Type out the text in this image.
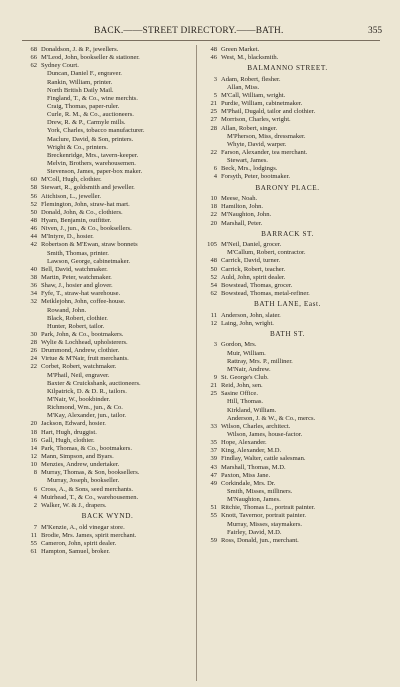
BACK.——STREET DIRECTORY.——BATH.	355
68 Donaldson, J. & P., jewellers.
66 M'Leod, John, bookseller & stationer.
62 Sydney Court.
Duncan, Daniel F., engraver.
Rankin, William, printer.
North British Daily Mail.
Fingland, T., & Co., wine merchts.
Craig, Thomas, paper-ruler.
Curle, R. M., & Co., auctioneers.
Drew, R. & P., Carmyle mills.
York, Charles, tobacco manufacturer.
Maclure, David, & Son, printers.
Wright & Co., printers.
Breckenridge, Mrs., tavern-keeper.
Melvin, Brothers, warehousemen.
Stevenson, James, paper-box maker.
60 M'Coll, Hugh, clothier.
58 Stewart, R., goldsmith and jeweller.
56 Aitchison, L., jeweller.
52 Flemington, John, straw-hat mart.
50 Donald, John, & Co., clothiers.
48 Hyam, Benjamin, outfitter.
46 Niven, J., jun., & Co., booksellers.
44 M'Intyre, D., hosier.
42 Robertson & M'Ewan, straw bonnets
Smith, Thomas, printer.
Lawson, George, cabinetmaker.
40 Bell, David, watchmaker.
38 Martin, Peter, watchmaker.
36 Shaw, J., hosier and glover.
34 Fyfe, T., straw-hat warehouse.
32 Meiklejohn, John, coffee-house.
Rowand, John.
Black, Robert, clothier.
Hunter, Robert, tailor.
30 Park, John, & Co., bootmakers.
28 Wylie & Lochhead, upholsterers.
26 Drummond, Andrew, clothier.
24 Virtue & M'Nair, fruit merchants.
22 Corbet, Robert, watchmaker.
M'Phail, Neil, engraver.
Baxter & Cruickshank, auctioneers.
Kilpatrick, D. & D. R., tailors.
M'Nair, W., bookbinder.
Richmond, Wm., jun., & Co.
M'Kay, Alexander, jun., tailor.
20 Jackson, Edward, hosier.
18 Hart, Hugh, druggist.
16 Gall, Hugh, clothier.
14 Park, Thomas, & Co., bootmakers.
12 Mann, Simpson, and Byars.
10 Menzies, Andrew, undertaker.
8 Murray, Thomas, & Son, booksellers.
Murray, Joseph, bookseller.
6 Cross, A., & Sons, seed merchants.
4 Muirhead, T., & Co., warehousemen.
2 Walker, W. & J., drapers.
BACK WYND.
7 M'Kenzie, A., old vinegar store.
11 Brodie, Mrs. James, spirit merchant.
55 Cameron, John, spirit dealer.
61 Hampton, Samuel, broker.
48 Green Market.
46 West, M., blacksmith.
BALMANNO STREET.
3 Adam, Robert, flesher.
Allan, Miss.
5 M'Call, William, wright.
21 Purdie, William, cabinetmaker.
25 M'Phail, Dugald, tailor and clothier.
27 Morrison, Charles, wright.
28 Allan, Robert, singer.
M'Pherson, Miss, dressmaker.
Whyte, David, warper.
22 Farson, Alexander, tea merchant.
Stewart, James.
6 Beck, Mrs., lodgings.
4 Forsyth, Peter, bootmaker.
BARONY PLACE.
10 Meese, Noah.
18 Hamilton, John.
22 M'Naughton, John.
20 Marshall, Peter.
BARRACK ST.
105 M'Neil, Daniel, grocer.
M'Callum, Robert, contractor.
48 Carrick, David, turner.
50 Carrick, Robert, teacher.
52 Auld, John, spirit dealer.
54 Bowstead, Thomas, grocer.
62 Bowstead, Thomas, metal-refiner.
BATH LANE, East.
11 Anderson, John, slater.
12 Laing, John, wright.
BATH ST.
3 Gordon, Mrs.
Muir, William.
Rattray, Mrs. P., milliner.
M'Nair, Andrew.
9 St. George's Club.
21 Reid, John, sen.
25 Sasine Office.
Hill, Thomas.
Kirkland, William.
Anderson, J. & W., & Co., mercs.
33 Wilson, Charles, architect.
Wilson, James, house-factor.
35 Hope, Alexander.
37 King, Alexander, M.D.
39 Findlay, Walter, cattle salesman.
43 Marshall, Thomas, M.D.
47 Paxton, Miss Jane.
49 Corkindale, Mrs. Dr.
Smith, Misses, milliners.
M'Naughton, James.
51 Ritchie, Thomas L., portrait painter.
55 Knott, Tavernor, portrait painter.
Murray, Misses, staymakers.
Fairley, David, M.D.
59 Ross, Donald, jun., merchant.
